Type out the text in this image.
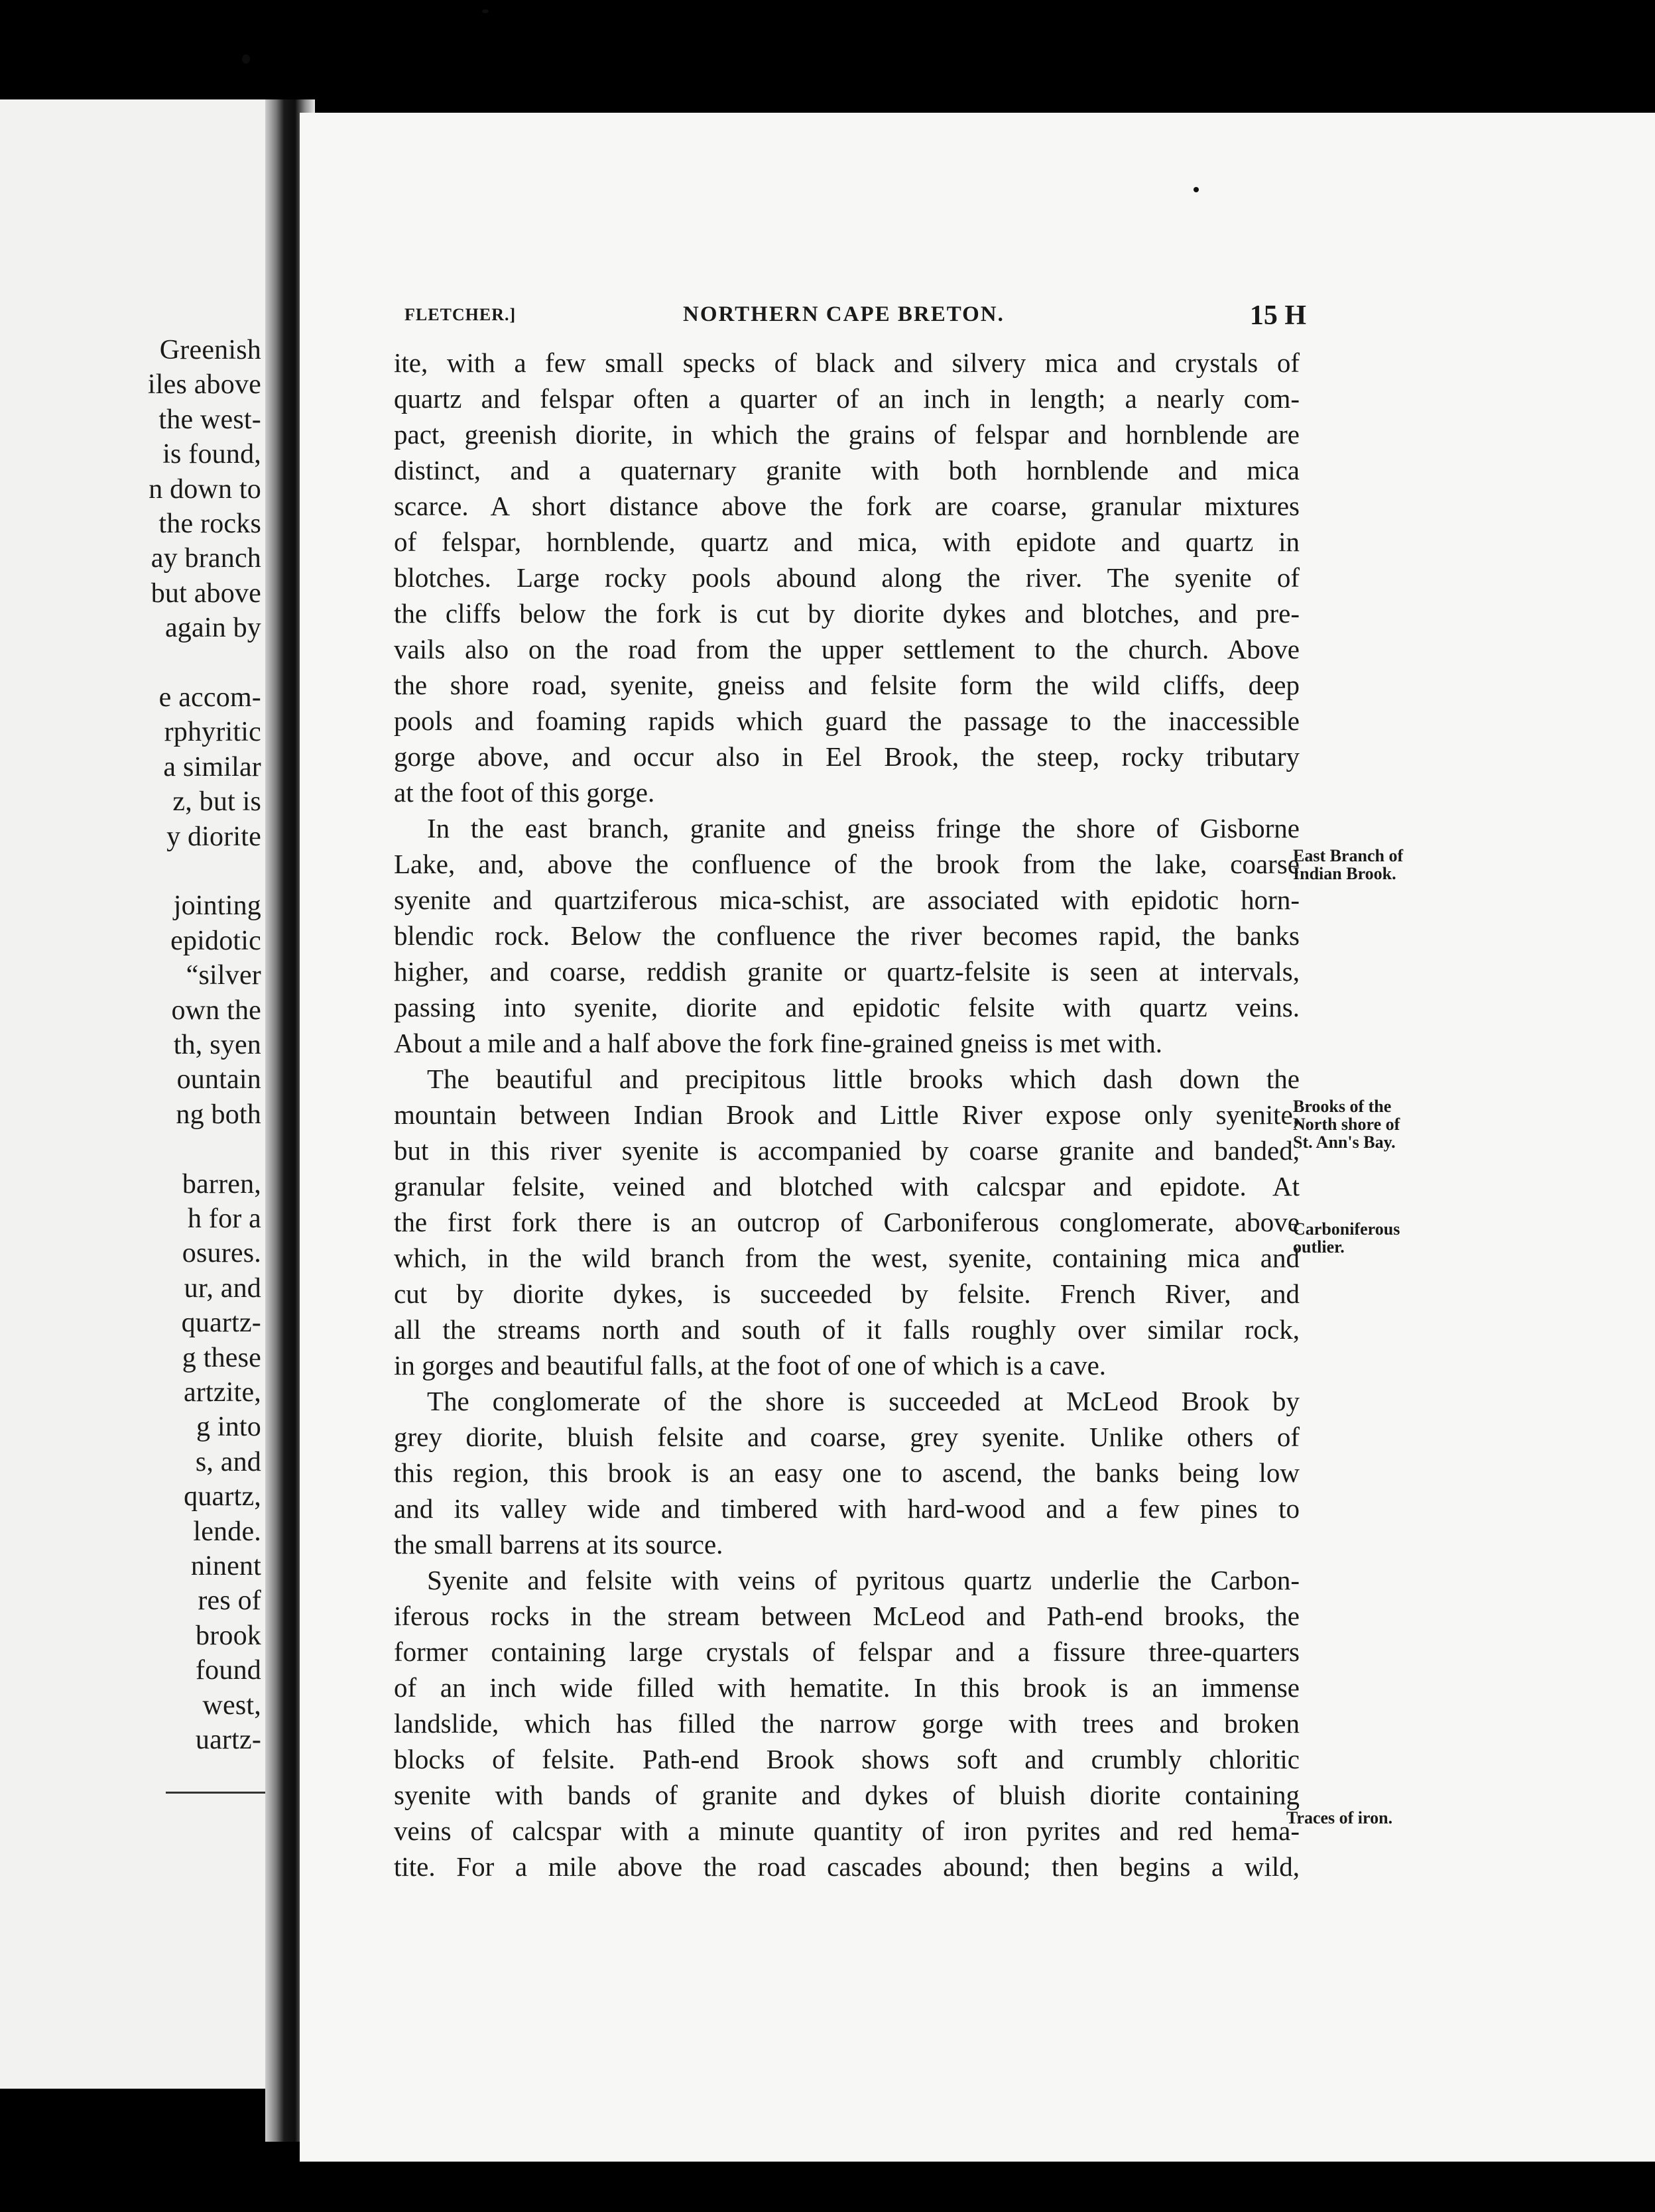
Greenish
iles above
the west-
is found,
n down to
the rocks
ay branch
but above
again by
e accom-
rphyritic
a similar
z, but is
y diorite
jointing
epidotic
“silver
own the
th, syen
ountain
ng both
barren,
h for a
osures.
ur, and
quartz-
g these
artzite,
g into
s, and
quartz,
lende.
ninent
res of
brook
found
west,
uartz-
FLETCHER.]	NORTHERN CAPE BRETON.	15 H
ite, with a few small specks of black and silvery mica and crystals of
quartz and felspar often a quarter of an inch in length; a nearly com-
pact, greenish diorite, in which the grains of felspar and hornblende are
distinct, and a quaternary granite with both hornblende and mica
scarce. A short distance above the fork are coarse, granular mixtures
of felspar, hornblende, quartz and mica, with epidote and quartz in
blotches. Large rocky pools abound along the river. The syenite of
the cliffs below the fork is cut by diorite dykes and blotches, and pre-
vails also on the road from the upper settlement to the church. Above
the shore road, syenite, gneiss and felsite form the wild cliffs, deep
pools and foaming rapids which guard the passage to the inaccessible
gorge above, and occur also in Eel Brook, the steep, rocky tributary
at the foot of this gorge.
In the east branch, granite and gneiss fringe the shore of Gisborne
Lake, and, above the confluence of the brook from the lake, coarse
syenite and quartziferous mica-schist, are associated with epidotic horn-
blendic rock. Below the confluence the river becomes rapid, the banks
higher, and coarse, reddish granite or quartz-felsite is seen at intervals,
passing into syenite, diorite and epidotic felsite with quartz veins.
About a mile and a half above the fork fine-grained gneiss is met with.
The beautiful and precipitous little brooks which dash down the
mountain between Indian Brook and Little River expose only syenite,
but in this river syenite is accompanied by coarse granite and banded,
granular felsite, veined and blotched with calcspar and epidote. At
the first fork there is an outcrop of Carboniferous conglomerate, above
which, in the wild branch from the west, syenite, containing mica and
cut by diorite dykes, is succeeded by felsite. French River, and
all the streams north and south of it falls roughly over similar rock,
in gorges and beautiful falls, at the foot of one of which is a cave.
The conglomerate of the shore is succeeded at McLeod Brook by
grey diorite, bluish felsite and coarse, grey syenite. Unlike others of
this region, this brook is an easy one to ascend, the banks being low
and its valley wide and timbered with hard-wood and a few pines to
the small barrens at its source.
Syenite and felsite with veins of pyritous quartz underlie the Carbon-
iferous rocks in the stream between McLeod and Path-end brooks, the
former containing large crystals of felspar and a fissure three-quarters
of an inch wide filled with hematite. In this brook is an immense
landslide, which has filled the narrow gorge with trees and broken
blocks of felsite. Path-end Brook shows soft and crumbly chloritic
syenite with bands of granite and dykes of bluish diorite containing
veins of calcspar with a minute quantity of iron pyrites and red hema-
tite. For a mile above the road cascades abound; then begins a wild,
East Branch of
Indian Brook.
Brooks of the
North shore of
St. Ann's Bay.
Carboniferous
outlier.
Traces of iron.
